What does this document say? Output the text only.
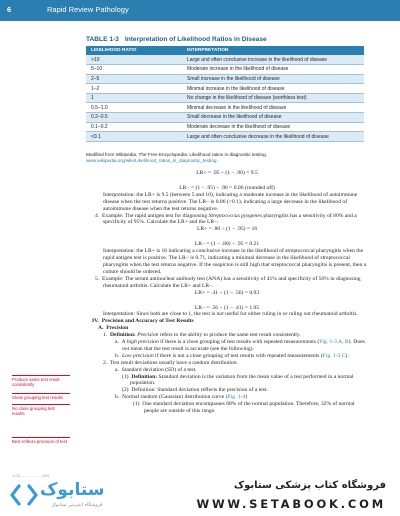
6	Rapid Review Pathology
TABLE 1-3 Interpretation of Likelihood Ratios in Disease
LIKELIHOOD RATIO	INTERPRETATION
>10	Large and often conclusive increase in the likelihood of disease
5–10	Moderate increase in the likelihood of disease
2–5	Small increase in the likelihood of disease
1–2	Minimal increase in the likelihood of disease
1	No change in the likelihood of disease (worthless test)
0.5–1.0	Minimal decrease in the likelihood of disease
0.2–0.5	Small decrease in the likelihood of disease
0.1–0.2	Moderate decrease in the likelihood of disease
<0.1	Large and often conclusive decrease in the likelihood of disease
Modified from Wikipedia, The Free Encyclopedia: Likelihood ratios in diagnostic testing. www.wikipedia.org/wiki/Likelihood_ratios_in_diagnostic_testing.

LR+ = .95 ÷ (1 − .90) = 9.5

LR− = (1 − .95) ÷ .90 = 0.06 (rounded off)

Interpretation: the LR+ is 9.5 (between 5 and 10), indicating a moderate increase in the likelihood of autoimmune disease when the test returns positive. The LR− is 0.06 (<0.1), indicating a large decrease in the likelihood of autoimmune disease when the test returns negative.

4.  Example: The rapid antigen test for diagnosing Streptococcus pyogenes pharyngitis has a sensitivity of 80% and a specificity of 95%. Calculate the LR+ and the LR−.

LR+ = .80 ÷ (1 − .95) = 16

LR− = (1 − .80) ÷ .95 = 0.21

Interpretation: the LR+ is 16 indicating a conclusive increase in the likelihood of streptococcal pharyngitis when the rapid antigen test is positive. The LR− is 0.71, indicating a minimal decrease in the likelihood of streptococcal pharyngitis when the test returns negative. If the suspicion is still high that streptococcal pharyngitis is present, then a culture should be ordered.

5.  Example: The serum antinuclear antibody test (ANA) has a sensitivity of 41% and specificity of 56% in diagnosing rheumatoid arthritis. Calculate the LR+ and LR−.

LR+ = .41 ÷ (1 − .56) = 0.93

LR− = .56 ÷ (1 − .41) = 1.05

Interpretation: Since both are close to 1, the test is not useful for either ruling in or ruling out rheumatoid arthritis.

IV.  Precision and Accuracy of Test Results

A.  Precision

1.  Definition: Precision refers to the ability to produce the same test result consistently.

a.  A high precision if there is a close grouping of test results with repeated measurements (Fig. 1-3 A, B). Does not mean that the test result is accurate (see the following).

b.  Low precision if there is not a close grouping of test results with repeated measurements (Fig. 1-3 C).

2.  Test result deviations usually have a random distribution.

a.  Standard deviation (SD) of a test.

(1)  Definition: Standard deviation is the variation from the mean value of a test performed in a normal population.

(2)  Definition: Standard deviation reflects the precision of a test.

b.  Normal random (Gaussian) distribution curve (Fig. 1-4)

(1)  One standard deviation encompasses 68% of the normal population. Therefore, 32% of normal people are outside of this range.

Produce same test result consistently
Close grouping test results
No close grouping test results
Best reflects precision of test
1-02-...................000
ستابوک
فروشگاه اینترنتی ستابوک
فروشگاه کتاب پزشکی ستابوک
WWW.SETABOOK.COM
